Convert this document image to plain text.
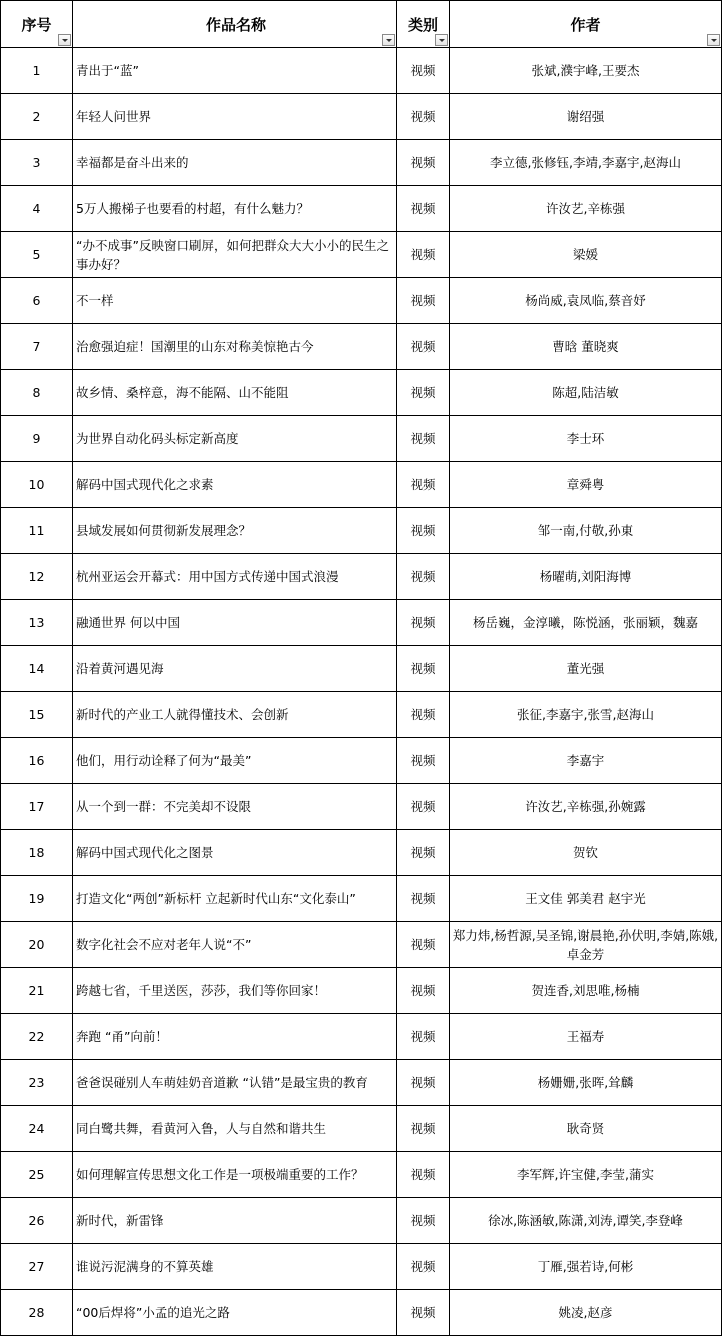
序号	作品名称	类别	作者

1	青出于“蓝”	视频	张斌,濮宇峰,王要杰
2	年轻人问世界	视频	谢绍强
3	幸福都是奋斗出来的	视频	李立德,张修钰,李靖,李嘉宇,赵海山
4	5万人搬梯子也要看的村超，有什么魅力？	视频	许汝艺,辛栋强
5	“办不成事”反映窗口刷屏，如何把群众大大小小的民生之事办好？	视频	梁媛
6	不一样	视频	杨尚威,袁凤临,蔡音妤
7	治愈强迫症！国潮里的山东对称美惊艳古今	视频	曹晗 董晓爽
8	故乡情、桑梓意，海不能隔、山不能阻	视频	陈超,陆洁敏
9	为世界自动化码头标定新高度	视频	李士环
10	解码中国式现代化之求素	视频	章舜粤
11	县域发展如何贯彻新发展理念？	视频	邹一南,付敬,孙東
12	杭州亚运会开幕式：用中国方式传递中国式浪漫	视频	杨曜萌,刘阳海博
13	融通世界 何以中国	视频	杨岳巍，金淳曦，陈悦涵，张丽颖，魏嘉
14	沿着黄河遇见海	视频	董光强
15	新时代的产业工人就得懂技术、会创新	视频	张征,李嘉宇,张雪,赵海山
16	他们，用行动诠释了何为“最美”	视频	李嘉宇
17	从一个到一群：不完美却不设限	视频	许汝艺,辛栋强,孙婉露
18	解码中国式现代化之图景	视频	贺钦
19	打造文化“两创”新标杆 立起新时代山东“文化泰山”	视频	王文佳 郭美君 赵宇光
20	数字化社会不应对老年人说“不”	视频	郑力炜,杨哲源,吴圣锦,谢晨艳,孙伏明,李婧,陈娥,卓金芳
21	跨越七省，千里送医，莎莎，我们等你回家！	视频	贺连香,刘思唯,杨楠
22	奔跑 “甬”向前！	视频	王福寿
23	爸爸误碰别人车萌娃奶音道歉 “认错”是最宝贵的教育	视频	杨姗姗,张晖,耸麟
24	同白鹭共舞，看黄河入鲁，人与自然和谐共生	视频	耿奇贤
25	如何理解宣传思想文化工作是一项极端重要的工作？	视频	李军辉,许宝健,李莹,蒲实
26	新时代，新雷锋	视频	徐冰,陈涵敏,陈潇,刘涛,谭笑,李登峰
27	谁说污泥满身的不算英雄	视频	丁雁,强若诗,何彬
28	“00后焊将”小孟的追光之路	视频	姚凌,赵彦
